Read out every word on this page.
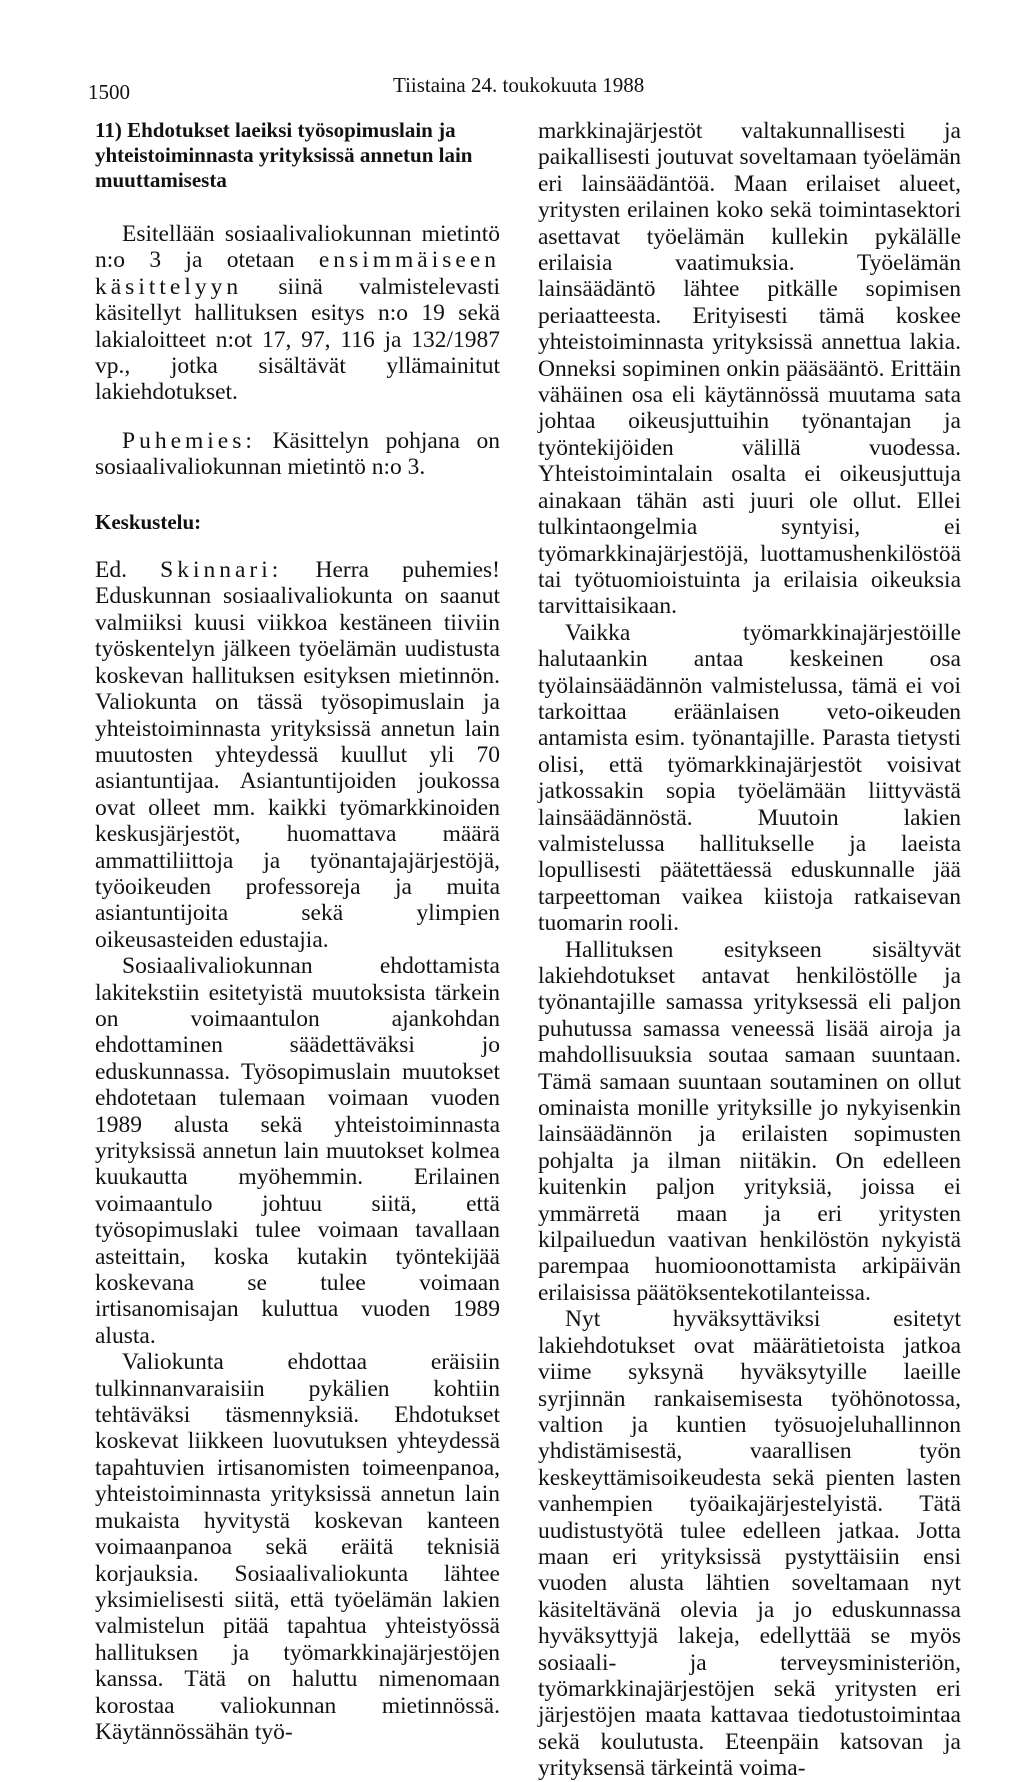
1500	Tiistaina 24. toukokuuta 1988

11) Ehdotukset laeiksi työsopimuslain ja yhteistoiminnasta yrityksissä annetun lain muuttamisesta

Esitellään sosiaalivaliokunnan mietintö n:o 3 ja otetaan ensimmäiseen käsittelyyn siinä valmistelevasti käsitellyt hallituksen esitys n:o 19 sekä lakialoitteet n:ot 17, 97, 116 ja 132/1987 vp., jotka sisältävät yllämainitut lakiehdotukset.

Puhemies: Käsittelyn pohjana on sosiaalivaliokunnan mietintö n:o 3.

Keskustelu:

Ed. Skinnari: Herra puhemies! Eduskunnan sosiaalivaliokunta on saanut valmiiksi kuusi viikkoa kestäneen tiiviin työskentelyn jälkeen työelämän uudistusta koskevan hallituksen esityksen mietinnön. Valiokunta on tässä työsopimuslain ja yhteistoiminnasta yrityksissä annetun lain muutosten yhteydessä kuullut yli 70 asiantuntijaa. Asiantuntijoiden joukossa ovat olleet mm. kaikki työmarkkinoiden keskusjärjestöt, huomattava määrä ammattiliittoja ja työnantajajärjestöjä, työoikeuden professoreja ja muita asiantuntijoita sekä ylimpien oikeusasteiden edustajia.

Sosiaalivaliokunnan ehdottamista lakitekstiin esitetyistä muutoksista tärkein on voimaantulon ajankohdan ehdottaminen säädettäväksi jo eduskunnassa. Työsopimuslain muutokset ehdotetaan tulemaan voimaan vuoden 1989 alusta sekä yhteistoiminnasta yrityksissä annetun lain muutokset kolmea kuukautta myöhemmin. Erilainen voimaantulo johtuu siitä, että työsopimuslaki tulee voimaan tavallaan asteittain, koska kutakin työntekijää koskevana se tulee voimaan irtisanomisajan kuluttua vuoden 1989 alusta.

Valiokunta ehdottaa eräisiin tulkinnanvaraisiin pykälien kohtiin tehtäväksi täsmennyksiä. Ehdotukset koskevat liikkeen luovutuksen yhteydessä tapahtuvien irtisanomisten toimeenpanoa, yhteistoiminnasta yrityksissä annetun lain mukaista hyvitystä koskevan kanteen voimaanpanoa sekä eräitä teknisiä korjauksia. Sosiaalivaliokunta lähtee yksimielisesti siitä, että työelämän lakien valmistelun pitää tapahtua yhteistyössä hallituksen ja työmarkkinajärjestöjen kanssa. Tätä on haluttu nimenomaan korostaa valiokunnan mietinnössä. Käytännössähän työ-

markkinajärjestöt valtakunnallisesti ja paikallisesti joutuvat soveltamaan työelämän eri lainsäädäntöä. Maan erilaiset alueet, yritysten erilainen koko sekä toimintasektori asettavat työelämän kullekin pykälälle erilaisia vaatimuksia. Työelämän lainsäädäntö lähtee pitkälle sopimisen periaatteesta. Erityisesti tämä koskee yhteistoiminnasta yrityksissä annettua lakia. Onneksi sopiminen onkin pääsääntö. Erittäin vähäinen osa eli käytännössä muutama sata johtaa oikeusjuttuihin työnantajan ja työntekijöiden välillä vuodessa. Yhteistoimintalain osalta ei oikeusjuttuja ainakaan tähän asti juuri ole ollut. Ellei tulkintaongelmia syntyisi, ei työmarkkinajärjestöjä, luottamushenkilöstöä tai työtuomioistuinta ja erilaisia oikeuksia tarvittaisikaan.

Vaikka työmarkkinajärjestöille halutaankin antaa keskeinen osa työlainsäädännön valmistelussa, tämä ei voi tarkoittaa eräänlaisen veto-oikeuden antamista esim. työnantajille. Parasta tietysti olisi, että työmarkkinajärjestöt voisivat jatkossakin sopia työelämään liittyvästä lainsäädännöstä. Muutoin lakien valmistelussa hallitukselle ja laeista lopullisesti päätettäessä eduskunnalle jää tarpeettoman vaikea kiistoja ratkaisevan tuomarin rooli.

Hallituksen esitykseen sisältyvät lakiehdotukset antavat henkilöstölle ja työnantajille samassa yrityksessä eli paljon puhutussa samassa veneessä lisää airoja ja mahdollisuuksia soutaa samaan suuntaan. Tämä samaan suuntaan soutaminen on ollut ominaista monille yrityksille jo nykyisenkin lainsäädännön ja erilaisten sopimusten pohjalta ja ilman niitäkin. On edelleen kuitenkin paljon yrityksiä, joissa ei ymmärretä maan ja eri yritysten kilpailuedun vaativan henkilöstön nykyistä parempaa huomioonottamista arkipäivän erilaisissa päätöksentekotilanteissa.

Nyt hyväksyttäviksi esitetyt lakiehdotukset ovat määrätietoista jatkoa viime syksynä hyväksytyille laeille syrjinnän rankaisemisesta työhönotossa, valtion ja kuntien työsuojeluhallinnon yhdistämisestä, vaarallisen työn keskeyttämisoikeudesta sekä pienten lasten vanhempien työaikajärjestelyistä. Tätä uudistustyötä tulee edelleen jatkaa. Jotta maan eri yrityksissä pystyttäisiin ensi vuoden alusta lähtien soveltamaan nyt käsiteltävänä olevia ja jo eduskunnassa hyväksyttyjä lakeja, edellyttää se myös sosiaali- ja terveysministeriön, työmarkkinajärjestöjen sekä yritysten eri järjestöjen maata kattavaa tiedotustoimintaa sekä koulutusta. Eteenpäin katsovan ja yrityksensä tärkeintä voima-
